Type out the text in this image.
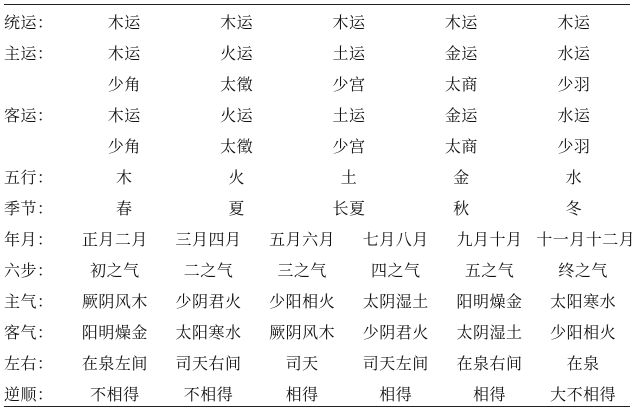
统运：	木运 木运 木运 木运 木运					

主运：	木运 火运 土运 金运 水运					

	少角 太徵 少宫 太商 少羽					

客运：	木运 火运 土运 金运 水运					

	少角 太徵 少宫 太商 少羽					

五行：	木 火 土 金 水					

季节：	春 夏 长夏 秋 冬					

年月：	正月二月	三月四月	五月六月	七月八月	九月十月	十一月十二月
六步：	初之气	二之气	三之气	四之气	五之气	终之气
主气：	厥阴风木	少阴君火	少阳相火	太阴湿土	阳明燥金	太阳寒水
客气：	阳明燥金	太阳寒水	厥阴风木	少阴君火	太阴湿土	少阳相火
左右：	在泉左间	司天右间	司天	司天左间	在泉右间	在泉
逆顺：	不相得	不相得	相得	相得	相得	大不相得
